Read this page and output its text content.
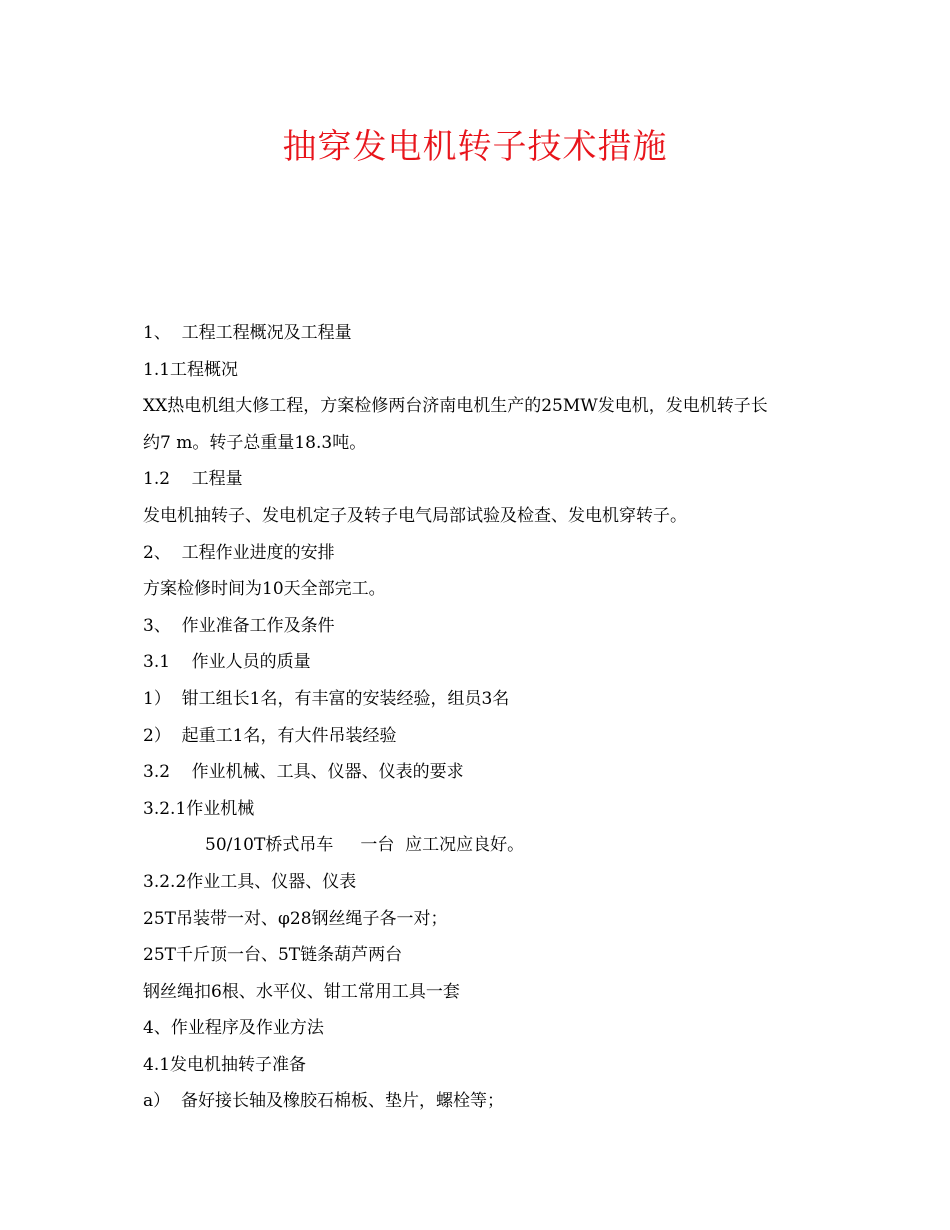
抽穿发电机转子技术措施
1、  工程工程概况及工程量
1.1工程概况
XX热电机组大修工程，方案检修两台济南电机生产的25MW发电机，发电机转子长
约7 m。转子总重量18.3吨。
1.2    工程量
发电机抽转子、发电机定子及转子电气局部试验及检查、发电机穿转子。
2、  工程作业进度的安排
方案检修时间为10天全部完工。
3、  作业准备工作及条件
3.1    作业人员的质量
1）  钳工组长1名，有丰富的安装经验，组员3名
2）  起重工1名，有大件吊装经验
3.2    作业机械、工具、仪器、仪表的要求
3.2.1作业机械
50/10T桥式吊车     一台  应工况应良好。
3.2.2作业工具、仪器、仪表
25T吊装带一对、φ28钢丝绳子各一对；
25T千斤顶一台、5T链条葫芦两台
钢丝绳扣6根、水平仪、钳工常用工具一套
4、作业程序及作业方法
4.1发电机抽转子准备
a）  备好接长轴及橡胶石棉板、垫片，螺栓等；
